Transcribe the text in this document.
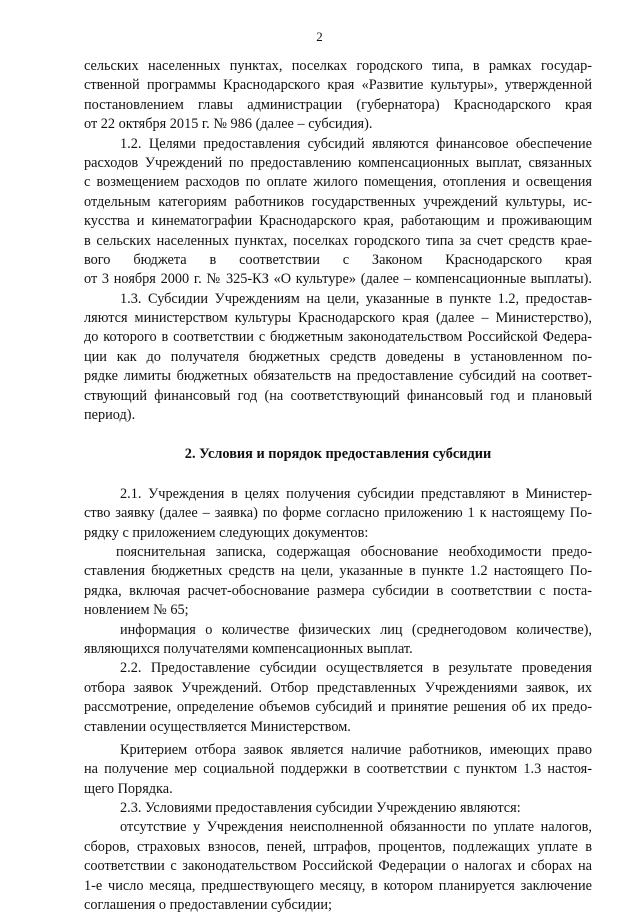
2
сельских населенных пунктах, поселках городского типа, в рамках государ-
ственной программы Краснодарского края «Развитие культуры», утвержденной
постановлением главы администрации (губернатора) Краснодарского края
от 22 октября 2015 г. № 986 (далее – субсидия).
1.2. Целями предоставления субсидий являются финансовое обеспечение
расходов Учреждений по предоставлению компенсационных выплат, связанных
с возмещением расходов по оплате жилого помещения, отопления и освещения
отдельным категориям работников государственных учреждений культуры, ис-
кусства и кинематографии Краснодарского края, работающим и проживающим
в сельских населенных пунктах, поселках городского типа за счет средств крае-
вого бюджета в соответствии с Законом Краснодарского края
от 3 ноября 2000 г. № 325-КЗ «О культуре» (далее – компенсационные выплаты).
1.3. Субсидии Учреждениям на цели, указанные в пункте 1.2, предостав-
ляются министерством культуры Краснодарского края (далее – Министерство),
до которого в соответствии с бюджетным законодательством Российской Федера-
ции как до получателя бюджетных средств доведены в установленном по-
рядке лимиты бюджетных обязательств на предоставление субсидий на соответ-
ствующий финансовый год (на соответствующий финансовый год и плановый
период).
2. Условия и порядок предоставления субсидии
2.1. Учреждения в целях получения субсидии представляют в Министер-
ство заявку (далее – заявка) по форме согласно приложению 1 к настоящему По-
рядку с приложением следующих документов:
пояснительная записка, содержащая обоснование необходимости предо-
ставления бюджетных средств на цели, указанные в пункте 1.2 настоящего По-
рядка, включая расчет-обоснование размера субсидии в соответствии с поста-
новлением № 65;
информация о количестве физических лиц (среднегодовом количестве),
являющихся получателями компенсационных выплат.
2.2. Предоставление субсидии осуществляется в результате проведения
отбора заявок Учреждений. Отбор представленных Учреждениями заявок, их
рассмотрение, определение объемов субсидий и принятие решения об их предо-
ставлении осуществляется Министерством.
Критерием отбора заявок является наличие работников, имеющих право
на получение мер социальной поддержки в соответствии с пунктом 1.3 настоя-
щего Порядка.
2.3. Условиями предоставления субсидии Учреждению являются:
отсутствие у Учреждения неисполненной обязанности по уплате налогов,
сборов, страховых взносов, пеней, штрафов, процентов, подлежащих уплате в
соответствии с законодательством Российской Федерации о налогах и сборах на
1-е число месяца, предшествующего месяцу, в котором планируется заключение
соглашения о предоставлении субсидии;
